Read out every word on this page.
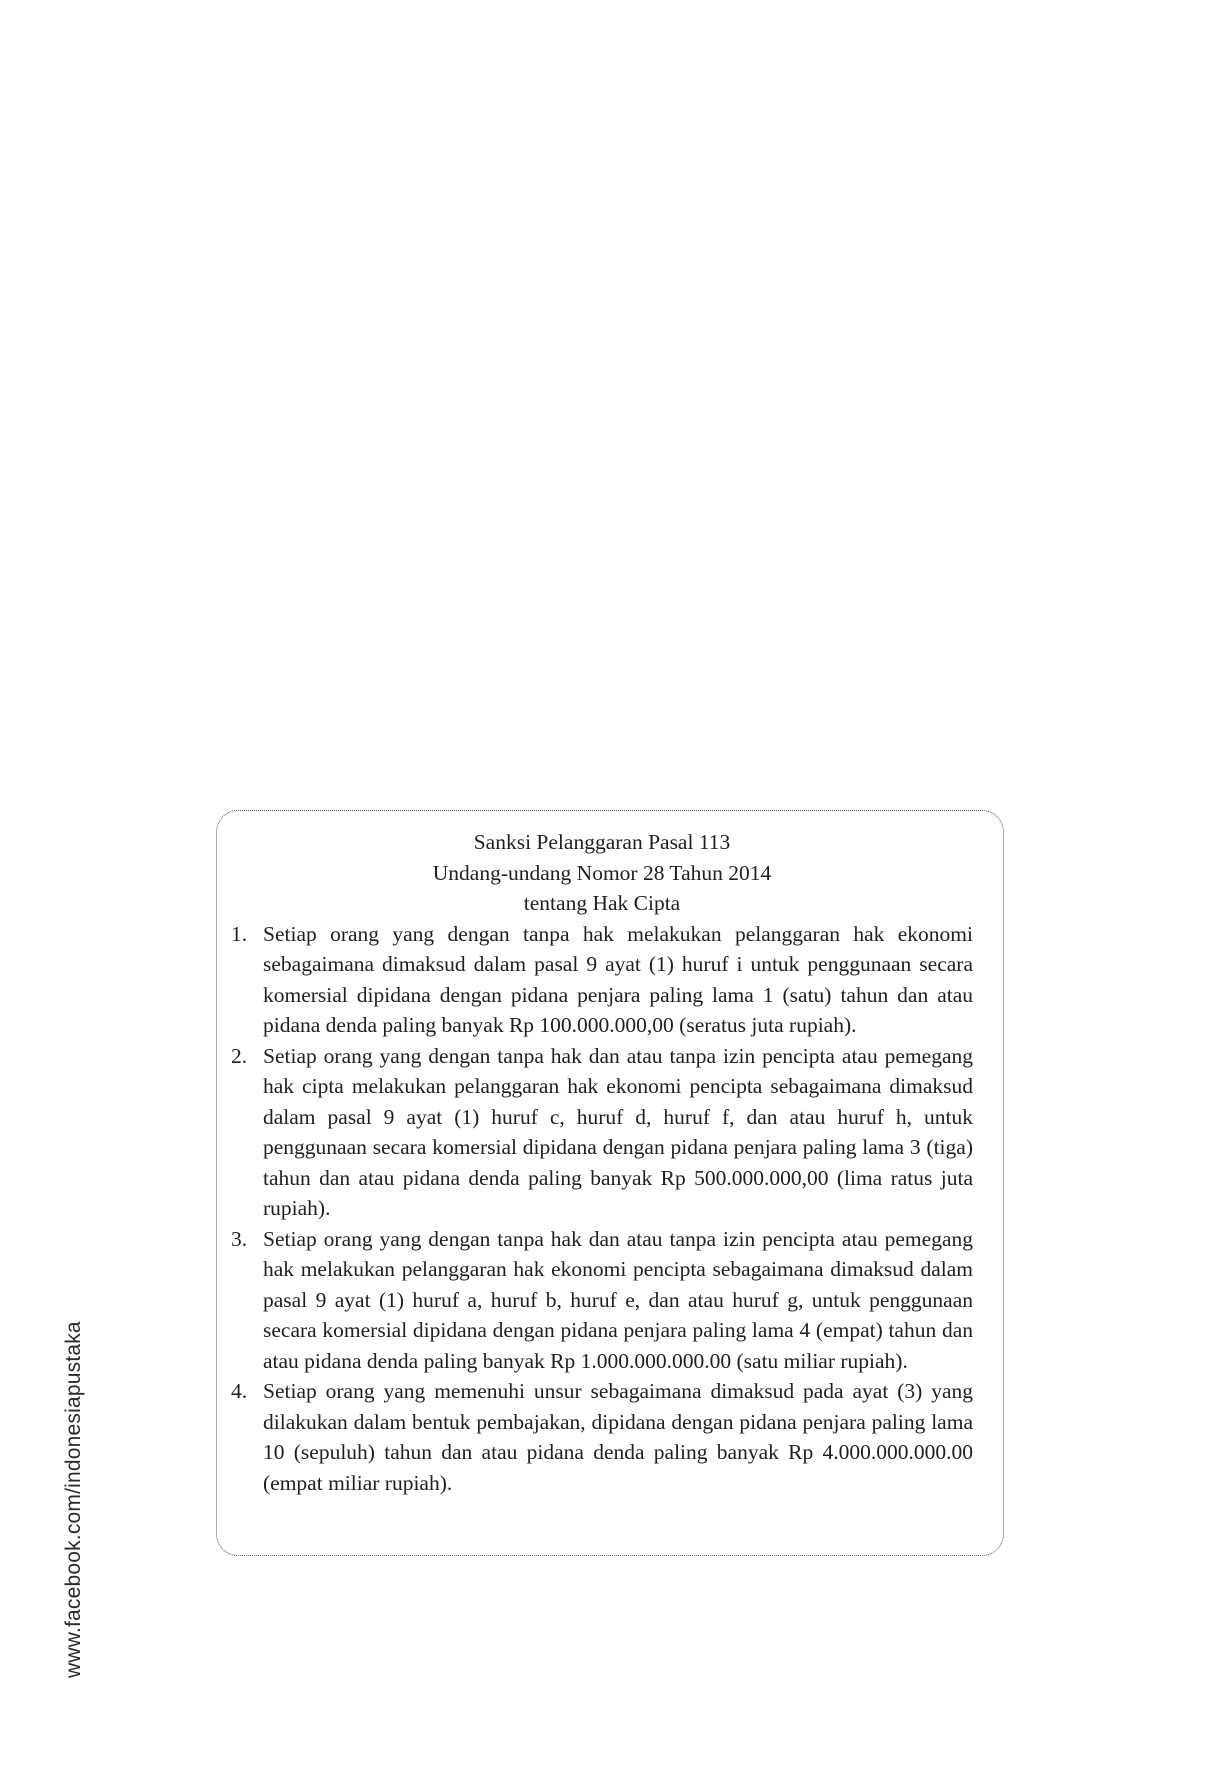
Sanksi Pelanggaran Pasal 113
Undang-undang Nomor 28 Tahun 2014
tentang Hak Cipta
1. Setiap orang yang dengan tanpa hak melakukan pelanggaran hak ekonomi sebagaimana dimaksud dalam pasal 9 ayat (1) huruf i untuk penggunaan secara komersial dipidana dengan pidana penjara paling lama 1 (satu) tahun dan atau pidana denda paling banyak Rp 100.000.000,00 (seratus juta rupiah).
2. Setiap orang yang dengan tanpa hak dan atau tanpa izin pencipta atau pemegang hak cipta melakukan pelanggaran hak ekonomi pencipta sebagaimana dimaksud dalam pasal 9 ayat (1) huruf c, huruf d, huruf f, dan atau huruf h, untuk penggunaan secara komersial dipidana dengan pidana penjara paling lama 3 (tiga) tahun dan atau pidana denda paling banyak Rp 500.000.000,00 (lima ratus juta rupiah).
3. Setiap orang yang dengan tanpa hak dan atau tanpa izin pencipta atau pemegang hak melakukan pelanggaran hak ekonomi pencipta sebagaimana dimaksud dalam pasal 9 ayat (1) huruf a, huruf b, huruf e, dan atau huruf g, untuk penggunaan secara komersial dipidana dengan pidana penjara paling lama 4 (empat) tahun dan atau pidana denda paling banyak Rp 1.000.000.000.00 (satu miliar rupiah).
4. Setiap orang yang memenuhi unsur sebagaimana dimaksud pada ayat (3) yang dilakukan dalam bentuk pembajakan, dipidana dengan pidana penjara paling lama 10 (sepuluh) tahun dan atau pidana denda paling banyak Rp 4.000.000.000.00 (empat miliar rupiah).
www.facebook.com/indonesiapustaka
